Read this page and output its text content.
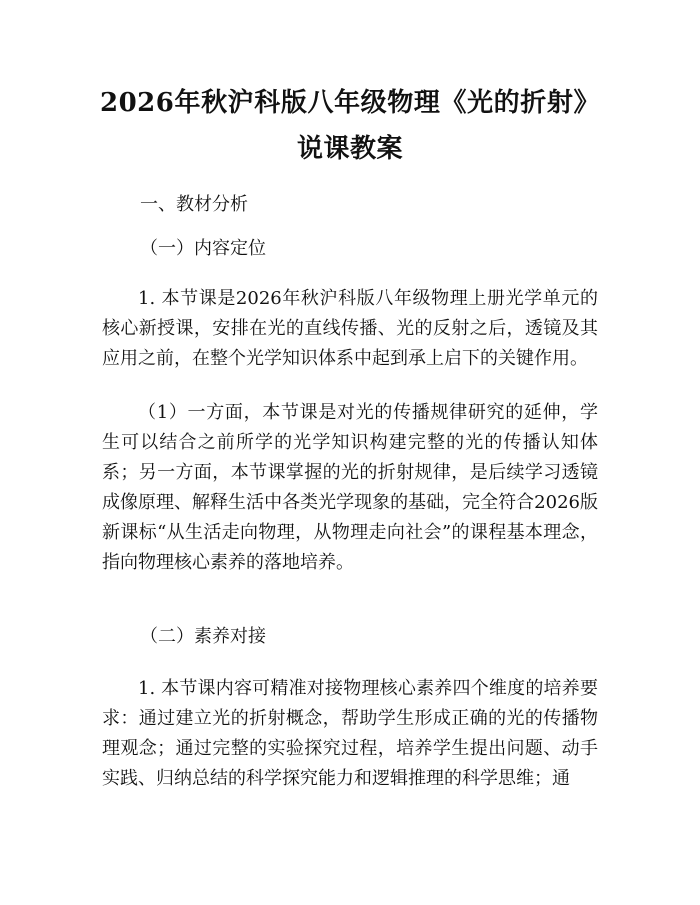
2026年秋沪科版八年级物理《光的折射》说课教案

一、教材分析

（一）内容定位

1. 本节课是2026年秋沪科版八年级物理上册光学单元的核心新授课，安排在光的直线传播、光的反射之后，透镜及其应用之前，在整个光学知识体系中起到承上启下的关键作用。

（1）一方面，本节课是对光的传播规律研究的延伸，学生可以结合之前所学的光学知识构建完整的光的传播认知体系；另一方面，本节课掌握的光的折射规律，是后续学习透镜成像原理、解释生活中各类光学现象的基础，完全符合2026版新课标“从生活走向物理，从物理走向社会”的课程基本理念，指向物理核心素养的落地培养。

（二）素养对接

1. 本节课内容可精准对接物理核心素养四个维度的培养要求：通过建立光的折射概念，帮助学生形成正确的光的传播物理观念；通过完整的实验探究过程，培养学生提出问题、动手实践、归纳总结的科学探究能力和逻辑推理的科学思维；通
